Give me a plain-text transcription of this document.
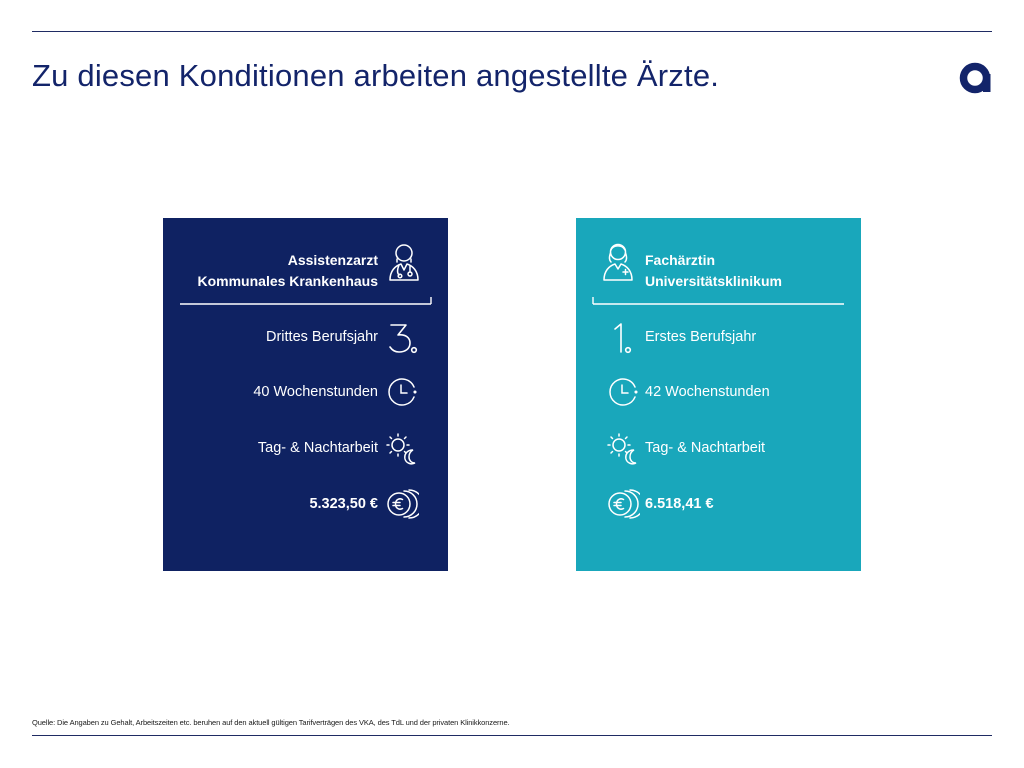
Zu diesen Konditionen arbeiten angestellte Ärzte.
Assistenzarzt
Kommunales Krankenhaus
Drittes Berufsjahr
40 Wochenstunden
Tag- & Nachtarbeit
5.323,50 €
Fachärztin
Universitätsklinikum
Erstes Berufsjahr
42 Wochenstunden
Tag- & Nachtarbeit
6.518,41 €
Quelle: Die Angaben zu Gehalt, Arbeitszeiten etc. beruhen auf den aktuell gültigen Tarifverträgen des VKA, des TdL und der privaten Klinikkonzerne.
